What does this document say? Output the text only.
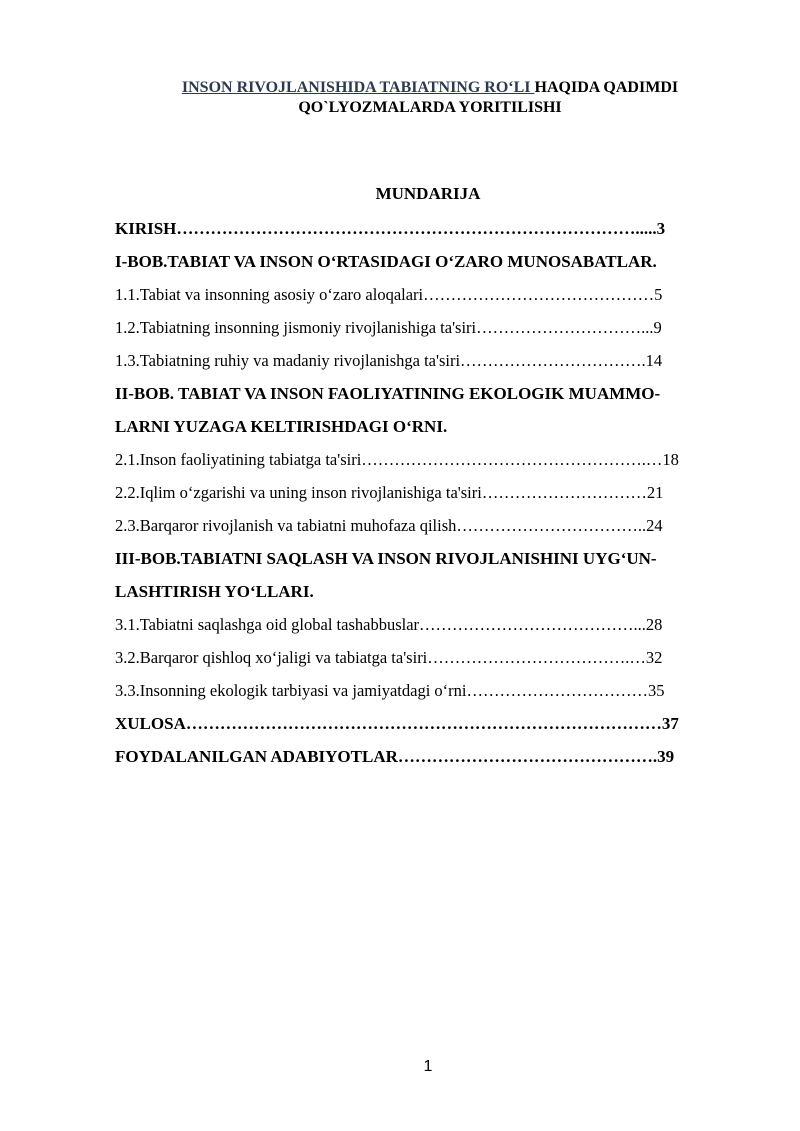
INSON RIVOJLANISHIDA TABIATNING RO‘LI HAQIDA QADIMDI
QO`LYOZMALARDA YORITILISHI
MUNDARIJA
KIRISH……………………………………………………………………….....3
I-BOB.TABIAT VA INSON O‘RTASIDAGI O‘ZARO MUNOSABATLAR.
1.1.Tabiat va insonning asosiy o‘zaro aloqalari……………………………………5
1.2.Tabiatning insonning jismoniy rivojlanishiga ta'siri…………………………...9
1.3.Tabiatning ruhiy va madaniy rivojlanishga ta'siri…………………………….14
II-BOB. TABIAT VA INSON FAOLIYATINING EKOLOGIK MUAMMO-
LARNI YUZAGA KELTIRISHDAGI O‘RNI.
2.1.Inson faoliyatining tabiatga ta'siri…………………………………………….…18
2.2.Iqlim o‘zgarishi va uning inson rivojlanishiga ta'siri…………………………21
2.3.Barqaror rivojlanish va tabiatni muhofaza qilish……………………………..24
III-BOB.TABIATNI SAQLASH VA INSON RIVOJLANISHINI UYG‘UN-
LASHTIRISH YO‘LLARI.
3.1.Tabiatni saqlashga oid global tashabbuslar…………………………………...28
3.2.Barqaror qishloq xo‘jaligi va tabiatga ta'siri……………………………….…32
3.3.Insonning ekologik tarbiyasi va jamiyatdagi o‘rni……………………………35
XULOSA…………………………………………………………………………37
FOYDALANILGAN ADABIYOTLAR……………………………………….39
1
